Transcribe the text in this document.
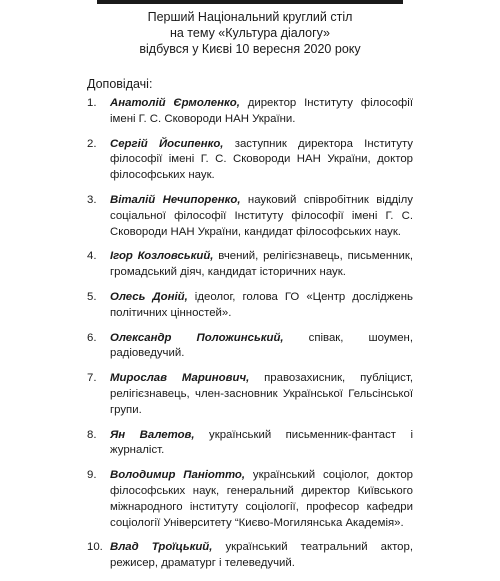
Перший Національний круглий стіл
на тему «Культура діалогу»
відбувся у Києві 10 вересня 2020 року
Доповідачі:
1.	Анатолій Єрмоленко, директор Інституту філософії імені Г. С. Сковороди НАН України.
2.	Сергій Йосипенко, заступник директора Інституту філософії імені Г. С. Сковороди НАН України, доктор філософських наук.
3.	Віталій Нечипоренко, науковий співробітник відділу соціальної філософії Інституту філософії імені Г. С. Сковороди НАН України, кандидат філософських наук.
4.	Ігор Козловський, вчений, релігієзнавець, письменник, громадський діяч, кандидат історичних наук.
5.	Олесь Доній, ідеолог, голова ГО «Центр досліджень політичних цінностей».
6.	Олександр Положинський, співак, шоумен, радіоведучий.
7.	Мирослав Маринович, правозахисник, публіцист, релігієзнавець, член-засновник Української Гельсінської групи.
8.	Ян Валетов, український письменник-фантаст і журналіст.
9.	Володимир Паніотто, український соціолог, доктор філософських наук, генеральний директор Київського міжнародного інституту соціології, професор кафедри соціології Університету “Києво-Могилянська Академія».
10. Влад Троїцький, український театральний актор, режисер, драматург і телеведучий.
